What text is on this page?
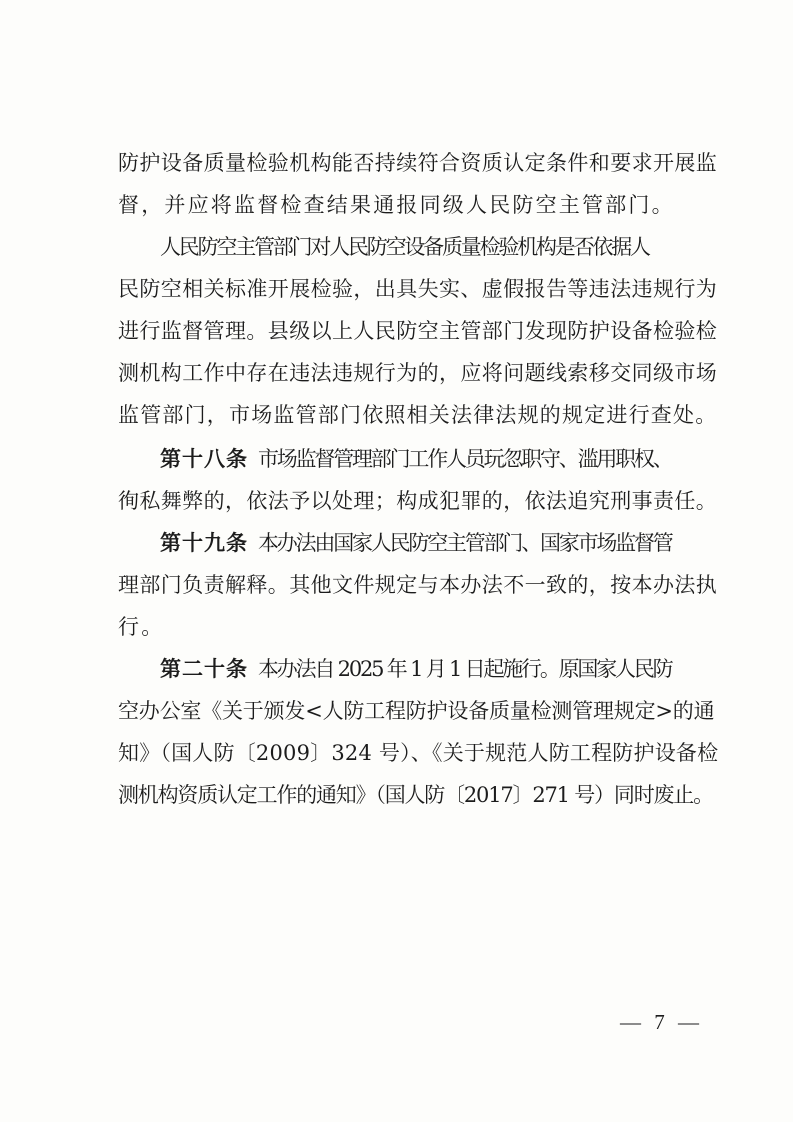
防护设备质量检验机构能否持续符合资质认定条件和要求开展监
督，并应将监督检查结果通报同级人民防空主管部门。
人民防空主管部门对人民防空设备质量检验机构是否依据人
民防空相关标准开展检验，出具失实、虚假报告等违法违规行为
进行监督管理。县级以上人民防空主管部门发现防护设备检验检
测机构工作中存在违法违规行为的，应将问题线索移交同级市场
监管部门，市场监管部门依照相关法律法规的规定进行查处。
第十八条 市场监督管理部门工作人员玩忽职守、滥用职权、
徇私舞弊的，依法予以处理；构成犯罪的，依法追究刑事责任。
第十九条 本办法由国家人民防空主管部门、国家市场监督管
理部门负责解释。其他文件规定与本办法不一致的，按本办法执
行。
第二十条 本办法自 2025 年 1 月 1 日起施行。原国家人民防
空办公室《关于颁发<人防工程防护设备质量检测管理规定>的通
知》（国人防〔2009〕324 号）、《关于规范人防工程防护设备检
测机构资质认定工作的通知》（国人防〔2017〕271 号）同时废止。
— 7 —
